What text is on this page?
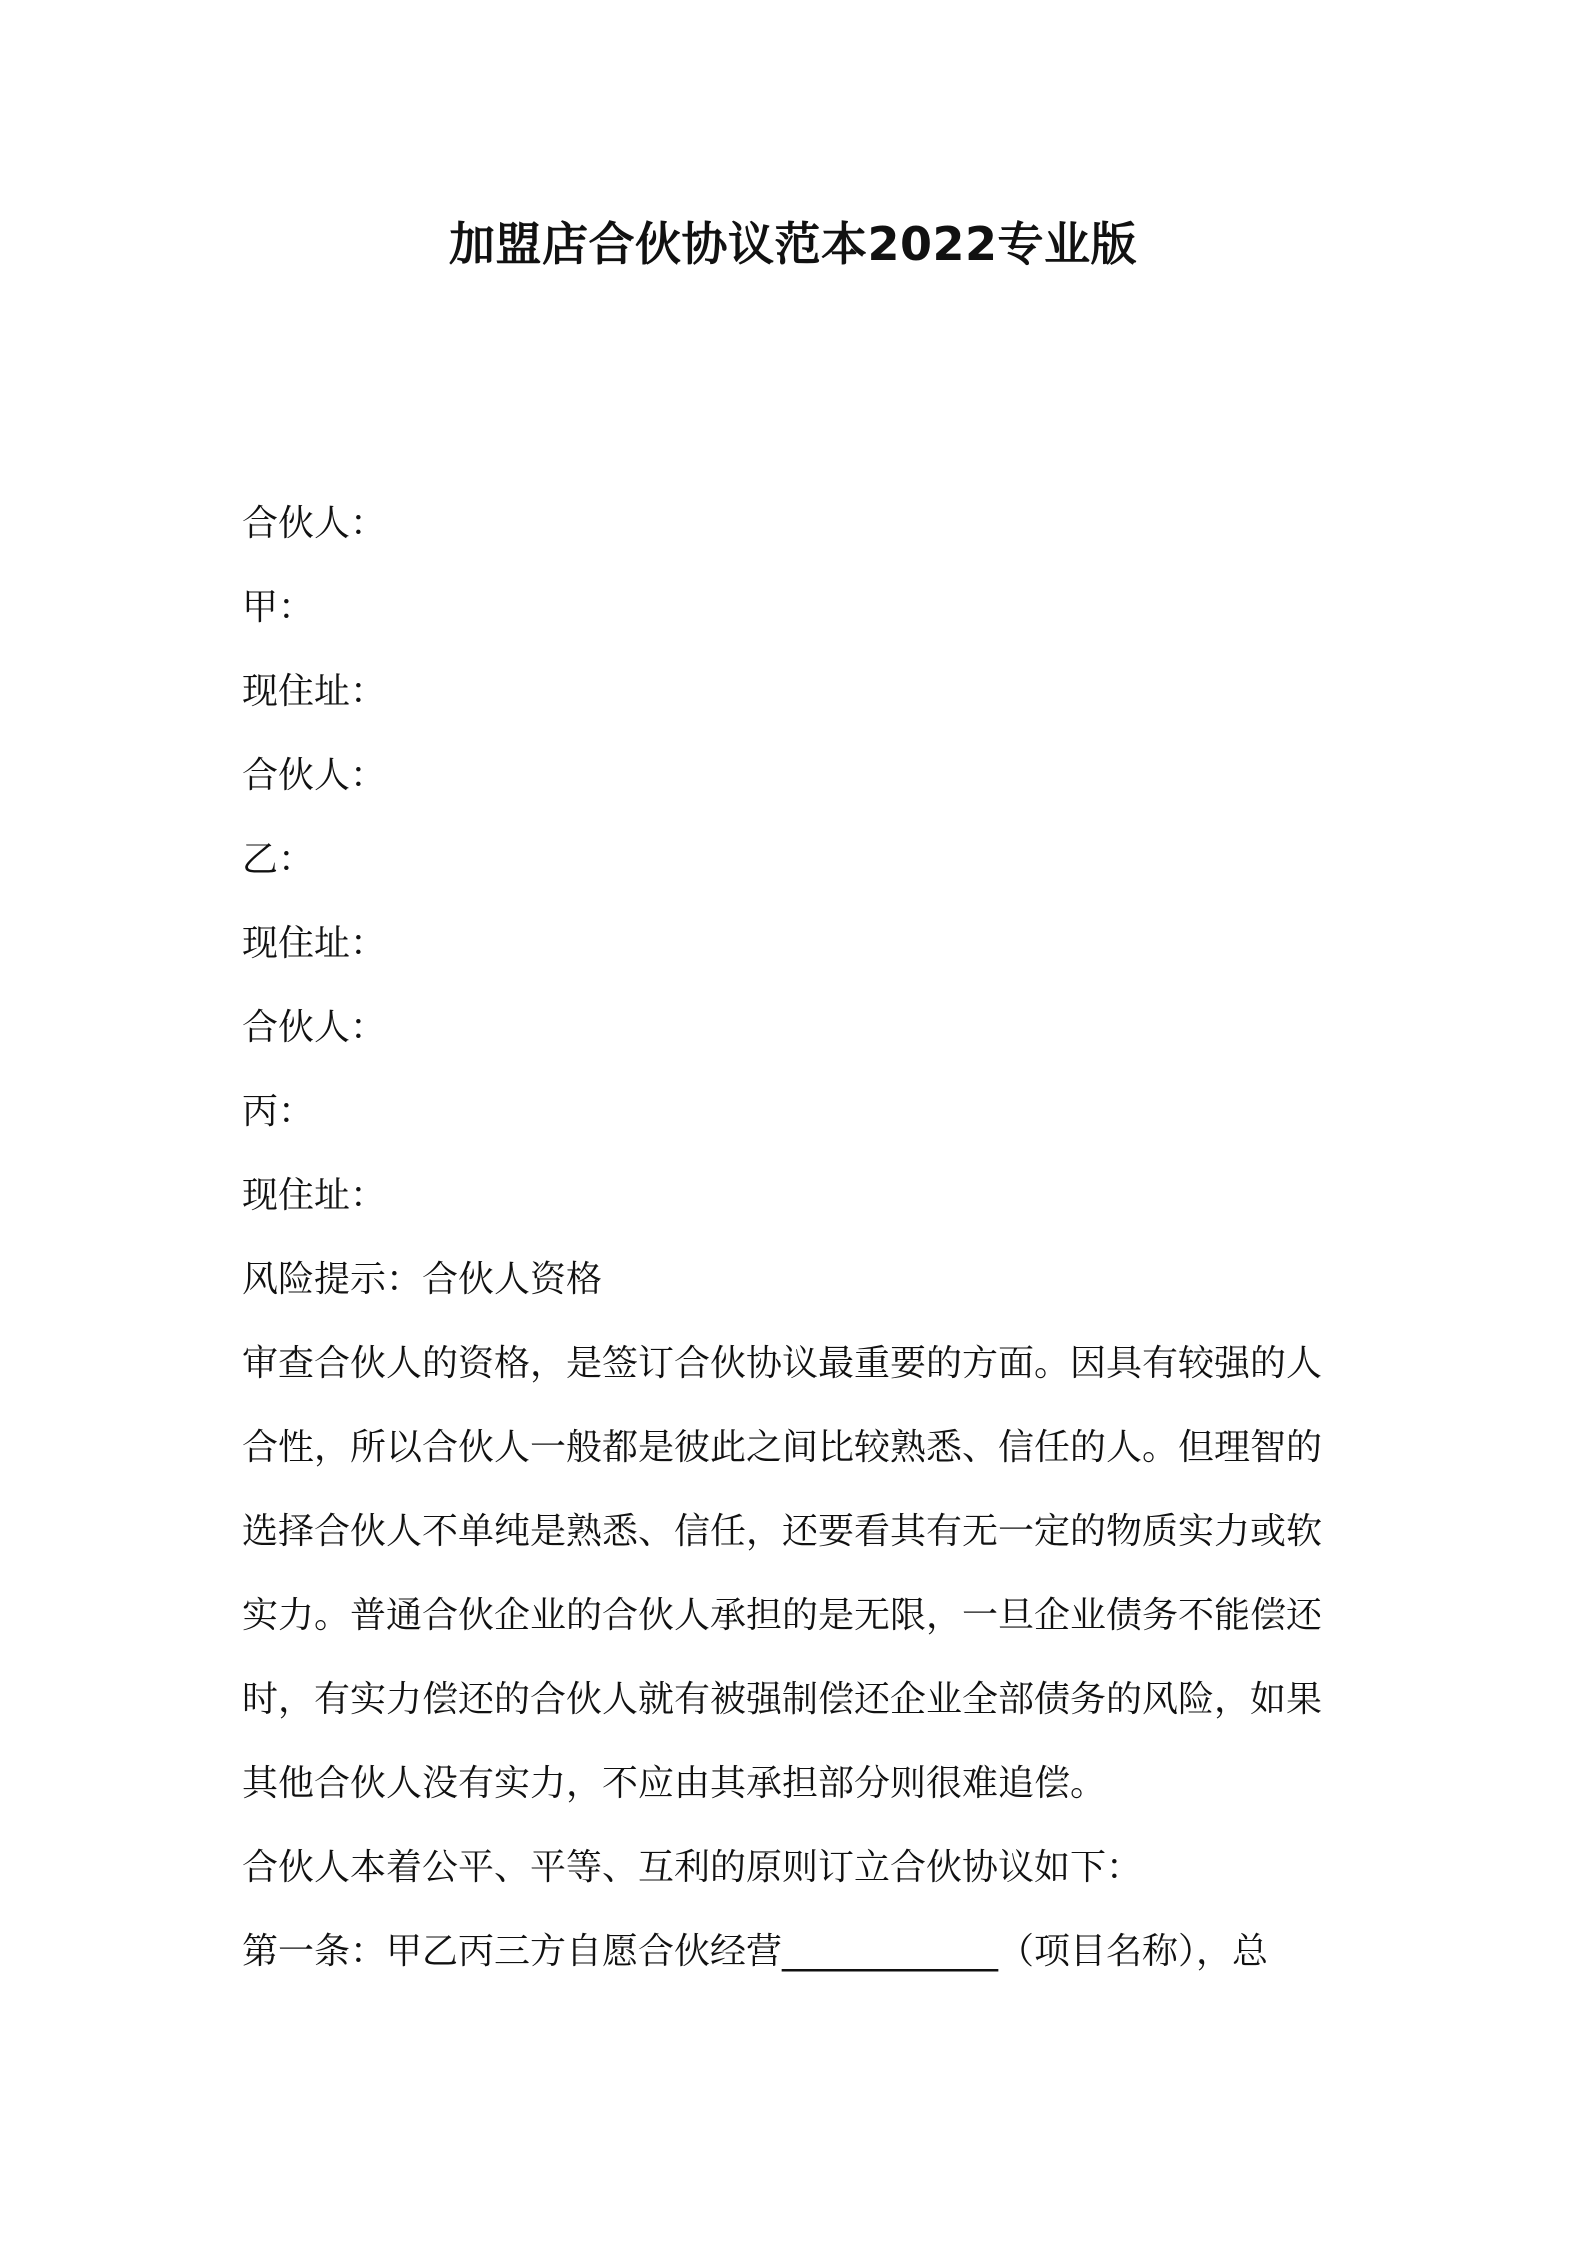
加盟店合伙协议范本2022专业版
合伙人：
甲：
现住址：
合伙人：
乙：
现住址：
合伙人：
丙：
现住址：
风险提示：合伙人资格
审查合伙人的资格，是签订合伙协议最重要的方面。因具有较强的人合性，所以合伙人一般都是彼此之间比较熟悉、信任的人。但理智的选择合伙人不单纯是熟悉、信任，还要看其有无一定的物质实力或软实力。普通合伙企业的合伙人承担的是无限，一旦企业债务不能偿还时，有实力偿还的合伙人就有被强制偿还企业全部债务的风险，如果其他合伙人没有实力，不应由其承担部分则很难追偿。
合伙人本着公平、平等、互利的原则订立合伙协议如下：
第一条：甲乙丙三方自愿合伙经营____________（项目名称），总
